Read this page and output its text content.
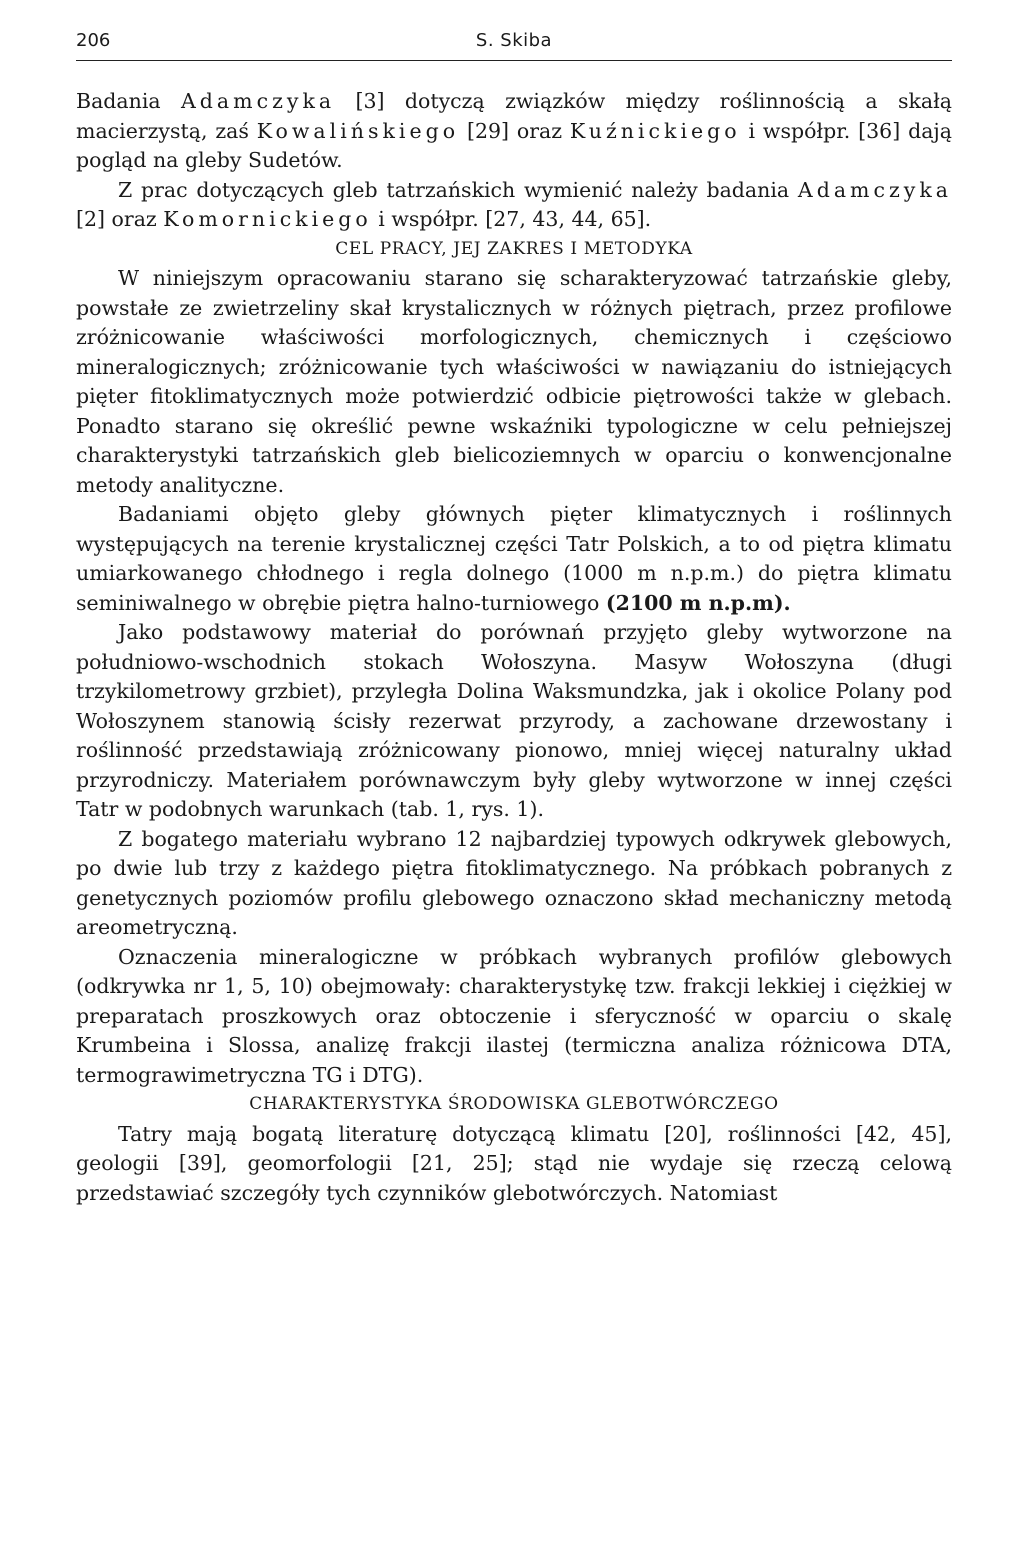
206	S. Skiba

Badania Adamczyka [3] dotyczą związków między roślinnością a skałą macierzystą, zaś Kowalińskiego [29] oraz Kuźnickiego i współpr. [36] dają pogląd na gleby Sudetów.

Z prac dotyczących gleb tatrzańskich wymienić należy badania Adamczyka [2] oraz Komornickiego i współpr. [27, 43, 44, 65].

CEL PRACY, JEJ ZAKRES I METODYKA

W niniejszym opracowaniu starano się scharakteryzować tatrzańskie gleby, powstałe ze zwietrzeliny skał krystalicznych w różnych piętrach, przez profilowe zróżnicowanie właściwości morfologicznych, chemicznych i częściowo mineralogicznych; zróżnicowanie tych właściwości w nawiązaniu do istniejących pięter fitoklimatycznych może potwierdzić odbicie piętrowości także w glebach. Ponadto starano się określić pewne wskaźniki typologiczne w celu pełniejszej charakterystyki tatrzańskich gleb bielicoziemnych w oparciu o konwencjonalne metody analityczne.

Badaniami objęto gleby głównych pięter klimatycznych i roślinnych występujących na terenie krystalicznej części Tatr Polskich, a to od piętra klimatu umiarkowanego chłodnego i regla dolnego (1000 m n.p.m.) do piętra klimatu seminiwalnego w obrębie piętra halno-turniowego (2100 m n.p.m).

Jako podstawowy materiał do porównań przyjęto gleby wytworzone na południowo-wschodnich stokach Wołoszyna. Masyw Wołoszyna (długi trzykilometrowy grzbiet), przyległa Dolina Waksmundzka, jak i okolice Polany pod Wołoszynem stanowią ścisły rezerwat przyrody, a zachowane drzewostany i roślinność przedstawiają zróżnicowany pionowo, mniej więcej naturalny układ przyrodniczy. Materiałem porównawczym były gleby wytworzone w innej części Tatr w podobnych warunkach (tab. 1, rys. 1).

Z bogatego materiału wybrano 12 najbardziej typowych odkrywek glebowych, po dwie lub trzy z każdego piętra fitoklimatycznego. Na próbkach pobranych z genetycznych poziomów profilu glebowego oznaczono skład mechaniczny metodą areometryczną.

Oznaczenia mineralogiczne w próbkach wybranych profilów glebowych (odkrywka nr 1, 5, 10) obejmowały: charakterystykę tzw. frakcji lekkiej i ciężkiej w preparatach proszkowych oraz obtoczenie i sferyczność w oparciu o skalę Krumbeina i Slossa, analizę frakcji ilastej (termiczna analiza różnicowa DTA, termograwimetryczna TG i DTG).

CHARAKTERYSTYKA ŚRODOWISKA GLEBOTWÓRCZEGO

Tatry mają bogatą literaturę dotyczącą klimatu [20], roślinności [42, 45], geologii [39], geomorfologii [21, 25]; stąd nie wydaje się rzeczą celową przedstawiać szczegóły tych czynników glebotwórczych. Natomiast
